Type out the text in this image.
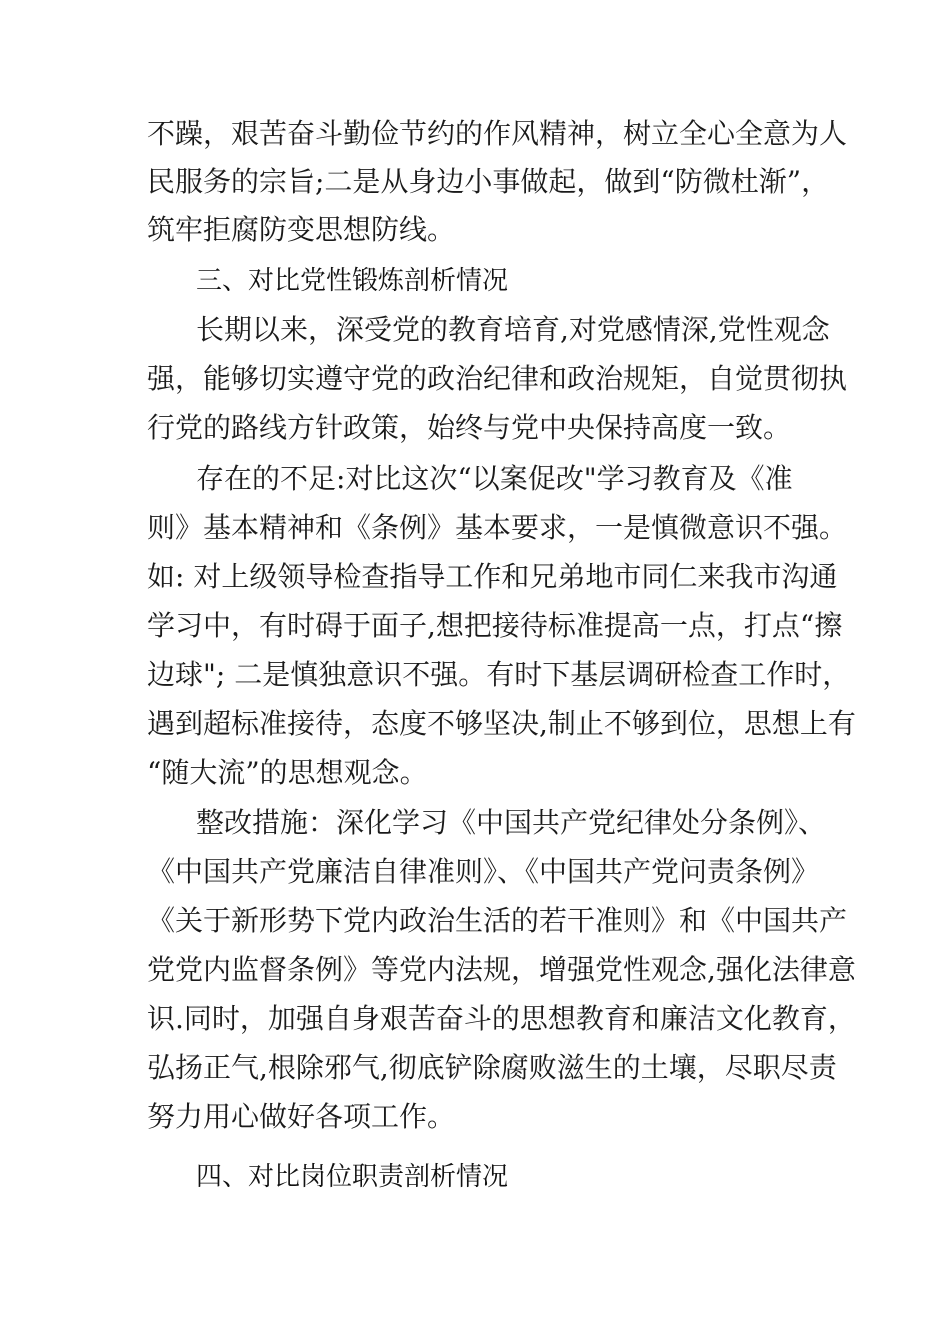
不躁，艰苦奋斗勤俭节约的作风精神，树立全心全意为人
民服务的宗旨;二是从身边小事做起，做到“防微杜渐”，
筑牢拒腐防变思想防线。
三、对比党性锻炼剖析情况
长期以来，深受党的教育培育,对党感情深,党性观念
强，能够切实遵守党的政治纪律和政治规矩，自觉贯彻执
行党的路线方针政策，始终与党中央保持高度一致。
存在的不足:对比这次“以案促改"学习教育及《准
则》基本精神和《条例》基本要求，一是慎微意识不强。
如: 对上级领导检查指导工作和兄弟地市同仁来我市沟通
学习中，有时碍于面子,想把接待标准提高一点，打点“擦
边球"; 二是慎独意识不强。有时下基层调研检查工作时，
遇到超标准接待，态度不够坚决,制止不够到位，思想上有
“随大流”的思想观念。
整改措施：深化学习《中国共产党纪律处分条例》、
《中国共产党廉洁自律准则》、《中国共产党问责条例》
《关于新形势下党内政治生活的若干准则》和《中国共产
党党内监督条例》等党内法规，增强党性观念,强化法律意
识.同时，加强自身艰苦奋斗的思想教育和廉洁文化教育，
弘扬正气,根除邪气,彻底铲除腐败滋生的土壤，尽职尽责
努力用心做好各项工作。
四、对比岗位职责剖析情况
